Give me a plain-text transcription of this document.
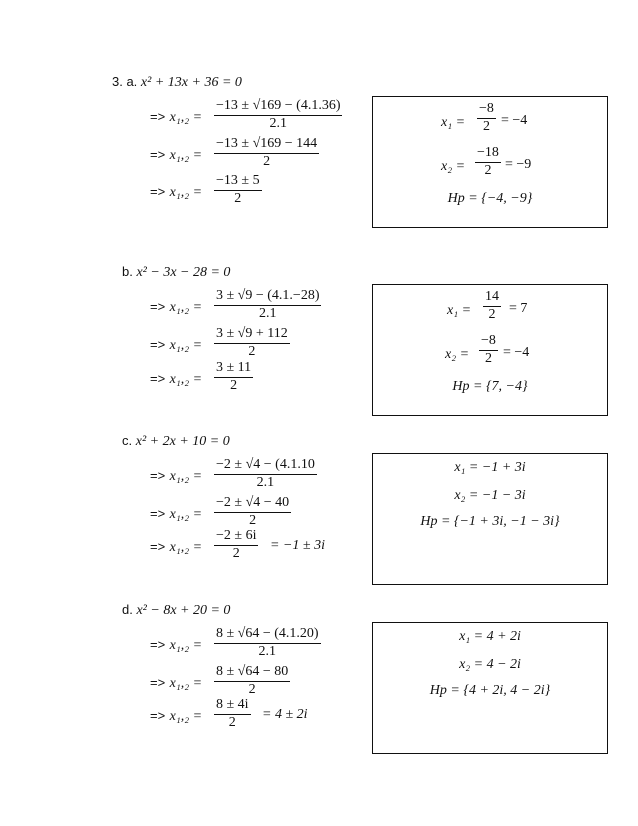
3. a. x² + 13x + 36 = 0
=> $x_1,_2 = \frac{-13 \pm √169 - (4.1.36)}{2.1}$
=> $x_1,_2 = \frac{-13 \pm √169 - 144}{2}$
=> $x_1,_2 = \frac{-13 \pm 5}{2}$
$x_1 = \frac{-8}{2} = -4$
$x_2 = \frac{-18}{2} = -9$
Hp = {−4, −9}
b. x² − 3x − 28 = 0
=> $x_1,_2 = \frac{3 \pm √9 - (4.1.-28)}{2.1}$
=> $x_1,_2 = \frac{3 \pm √9 + 112}{2}$
=> $x_1,_2 = \frac{3 \pm 11}{2}$
$x_1 = \frac{14}{2} = 7$
$x_2 = \frac{-8}{2} = -4$
Hp = {7, −4}
c. x² + 2x + 10 = 0
=> $x_1,_2 = \frac{-2 \pm √4 - (4.1.10}{2.1}$
=> $x_1,_2 = \frac{-2 \pm √4 - 40}{2}$
=> $x_1,_2 = \frac{-2 \pm 6i}{2} = -1 \pm 3i$
x₁ = −1 + 3i
x₂ = −1 − 3i
Hp = {−1 + 3i, −1 − 3i}
d. x² − 8x + 20 = 0
=> $x_1,_2 = \frac{8 \pm √64 - (4.1.20)}{2.1}$
=> $x_1,_2 = \frac{8 \pm √64 - 80}{2}$
=> $x_1,_2 = \frac{8 \pm 4i}{2} = 4 \pm 2i$
x₁ = 4 + 2i
x₂ = 4 − 2i
Hp = {4 + 2i, 4 − 2i}
